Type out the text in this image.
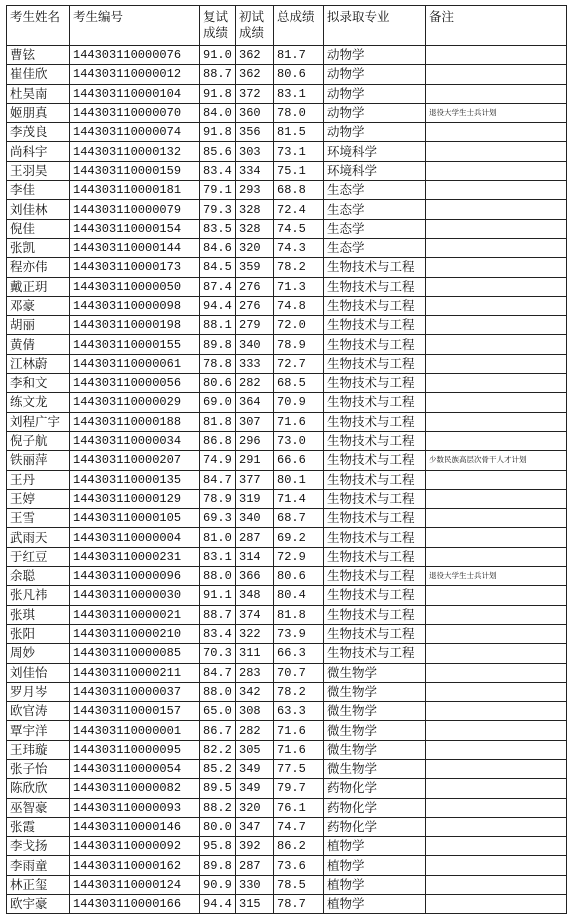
考生姓名	考生编号	复试成绩	初试成绩	总成绩	拟录取专业	备注
曹铉	144303110000076	91.0	362	81.7	动物学	
崔佳欣	144303110000012	88.7	362	80.6	动物学	
杜昊南	144303110000104	91.8	372	83.1	动物学	
姬朋真	144303110000070	84.0	360	78.0	动物学	退役大学生士兵计划
李茂良	144303110000074	91.8	356	81.5	动物学	
尚科宇	144303110000132	85.6	303	73.1	环境科学	
王羽昊	144303110000159	83.4	334	75.1	环境科学	
李佳	144303110000181	79.1	293	68.8	生态学	
刘佳林	144303110000079	79.3	328	72.4	生态学	
倪佳	144303110000154	83.5	328	74.5	生态学	
张凯	144303110000144	84.6	320	74.3	生态学	
程亦伟	144303110000173	84.5	359	78.2	生物技术与工程	
戴正玥	144303110000050	87.4	276	71.3	生物技术与工程	
邓豪	144303110000098	94.4	276	74.8	生物技术与工程	
胡丽	144303110000198	88.1	279	72.0	生物技术与工程	
黄倩	144303110000155	89.8	340	78.9	生物技术与工程	
江林蔚	144303110000061	78.8	333	72.7	生物技术与工程	
李和文	144303110000056	80.6	282	68.5	生物技术与工程	
练文龙	144303110000029	69.0	364	70.9	生物技术与工程	
刘程广宇	144303110000188	81.8	307	71.6	生物技术与工程	
倪子航	144303110000034	86.8	296	73.0	生物技术与工程	
铁丽萍	144303110000207	74.9	291	66.6	生物技术与工程	少数民族高层次骨干人才计划
王丹	144303110000135	84.7	377	80.1	生物技术与工程	
王婷	144303110000129	78.9	319	71.4	生物技术与工程	
王雪	144303110000105	69.3	340	68.7	生物技术与工程	
武雨天	144303110000004	81.0	287	69.2	生物技术与工程	
于红豆	144303110000231	83.1	314	72.9	生物技术与工程	
余聪	144303110000096	88.0	366	80.6	生物技术与工程	退役大学生士兵计划
张凡祎	144303110000030	91.1	348	80.4	生物技术与工程	
张琪	144303110000021	88.7	374	81.8	生物技术与工程	
张阳	144303110000210	83.4	322	73.9	生物技术与工程	
周妙	144303110000085	70.3	311	66.3	生物技术与工程	
刘佳怡	144303110000211	84.7	283	70.7	微生物学	
罗月岑	144303110000037	88.0	342	78.2	微生物学	
欧官涛	144303110000157	65.0	308	63.3	微生物学	
覃宇洋	144303110000001	86.7	282	71.6	微生物学	
王玮璇	144303110000095	82.2	305	71.6	微生物学	
张子怡	144303110000054	85.2	349	77.5	微生物学	
陈欣欣	144303110000082	89.5	349	79.7	药物化学	
巫智豪	144303110000093	88.2	320	76.1	药物化学	
张霞	144303110000146	80.0	347	74.7	药物化学	
李戈扬	144303110000092	95.8	392	86.2	植物学	
李雨童	144303110000162	89.8	287	73.6	植物学	
林正玺	144303110000124	90.9	330	78.5	植物学	
欧宇豪	144303110000166	94.4	315	78.7	植物学	
